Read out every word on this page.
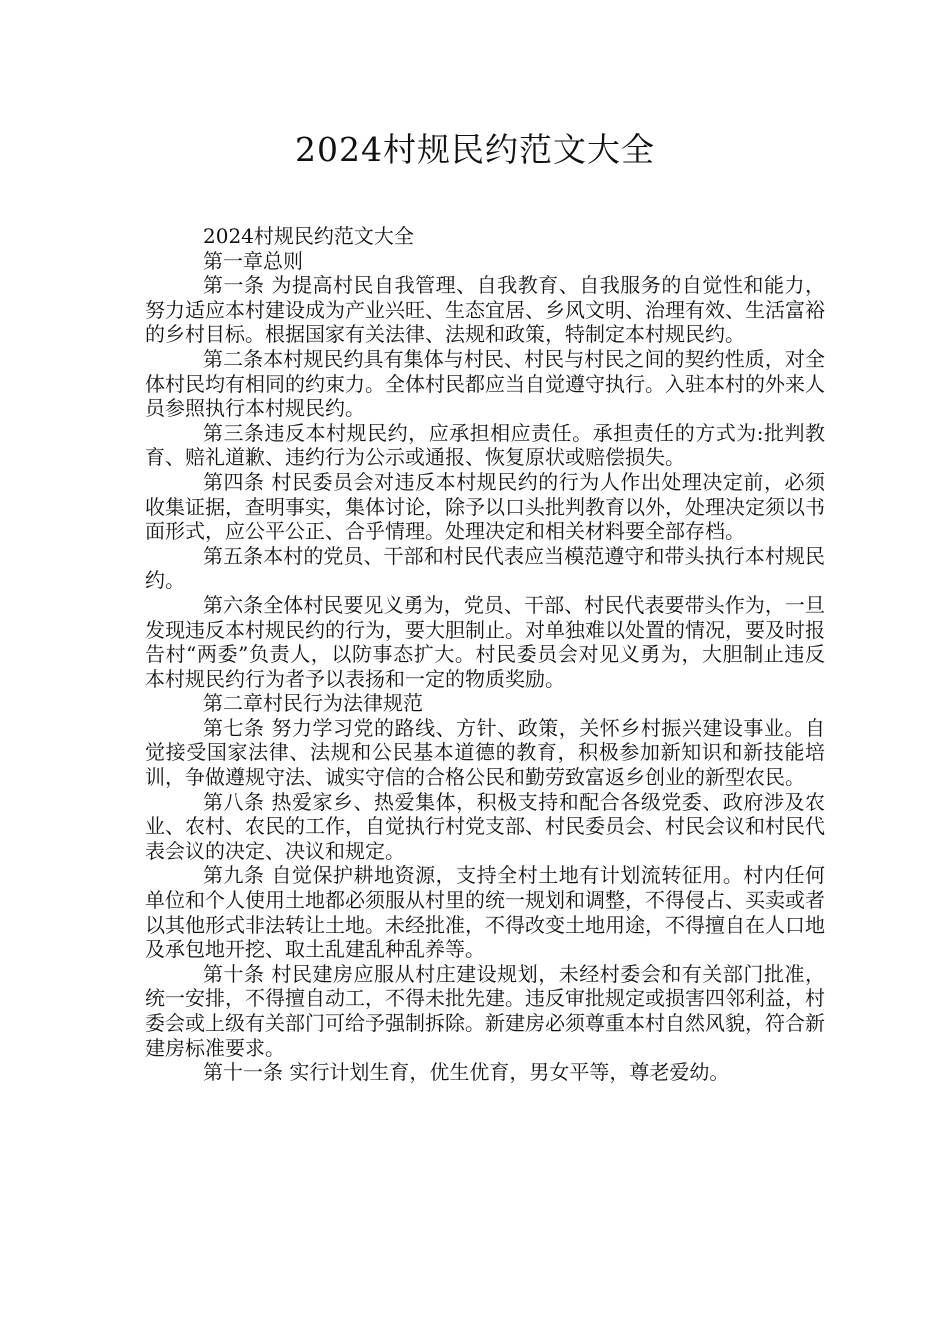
2024村规民约范文大全

2024村规民约范文大全

第一章总则

第一条 为提高村民自我管理、自我教育、自我服务的自觉性和能力，努力适应本村建设成为产业兴旺、生态宜居、乡风文明、治理有效、生活富裕的乡村目标。根据国家有关法律、法规和政策，特制定本村规民约。

第二条本村规民约具有集体与村民、村民与村民之间的契约性质，对全体村民均有相同的约束力。全体村民都应当自觉遵守执行。入驻本村的外来人员参照执行本村规民约。

第三条违反本村规民约，应承担相应责任。承担责任的方式为:批判教育、赔礼道歉、违约行为公示或通报、恢复原状或赔偿损失。

第四条 村民委员会对违反本村规民约的行为人作出处理决定前，必须收集证据，查明事实，集体讨论，除予以口头批判教育以外，处理决定须以书面形式，应公平公正、合乎情理。处理决定和相关材料要全部存档。

第五条本村的党员、干部和村民代表应当模范遵守和带头执行本村规民约。

第六条全体村民要见义勇为，党员、干部、村民代表要带头作为，一旦发现违反本村规民约的行为，要大胆制止。对单独难以处置的情况，要及时报告村“两委”负责人，以防事态扩大。村民委员会对见义勇为，大胆制止违反本村规民约行为者予以表扬和一定的物质奖励。

第二章村民行为法律规范

第七条 努力学习党的路线、方针、政策，关怀乡村振兴建设事业。自觉接受国家法律、法规和公民基本道德的教育，积极参加新知识和新技能培训，争做遵规守法、诚实守信的合格公民和勤劳致富返乡创业的新型农民。

第八条 热爱家乡、热爱集体，积极支持和配合各级党委、政府涉及农业、农村、农民的工作，自觉执行村党支部、村民委员会、村民会议和村民代表会议的决定、决议和规定。

第九条 自觉保护耕地资源，支持全村土地有计划流转征用。村内任何单位和个人使用土地都必须服从村里的统一规划和调整，不得侵占、买卖或者以其他形式非法转让土地。未经批准，不得改变土地用途，不得擅自在人口地及承包地开挖、取土乱建乱种乱养等。

第十条 村民建房应服从村庄建设规划，未经村委会和有关部门批准，统一安排，不得擅自动工，不得未批先建。违反审批规定或损害四邻利益，村委会或上级有关部门可给予强制拆除。新建房必须尊重本村自然风貌，符合新建房标准要求。

第十一条 实行计划生育，优生优育，男女平等，尊老爱幼。
